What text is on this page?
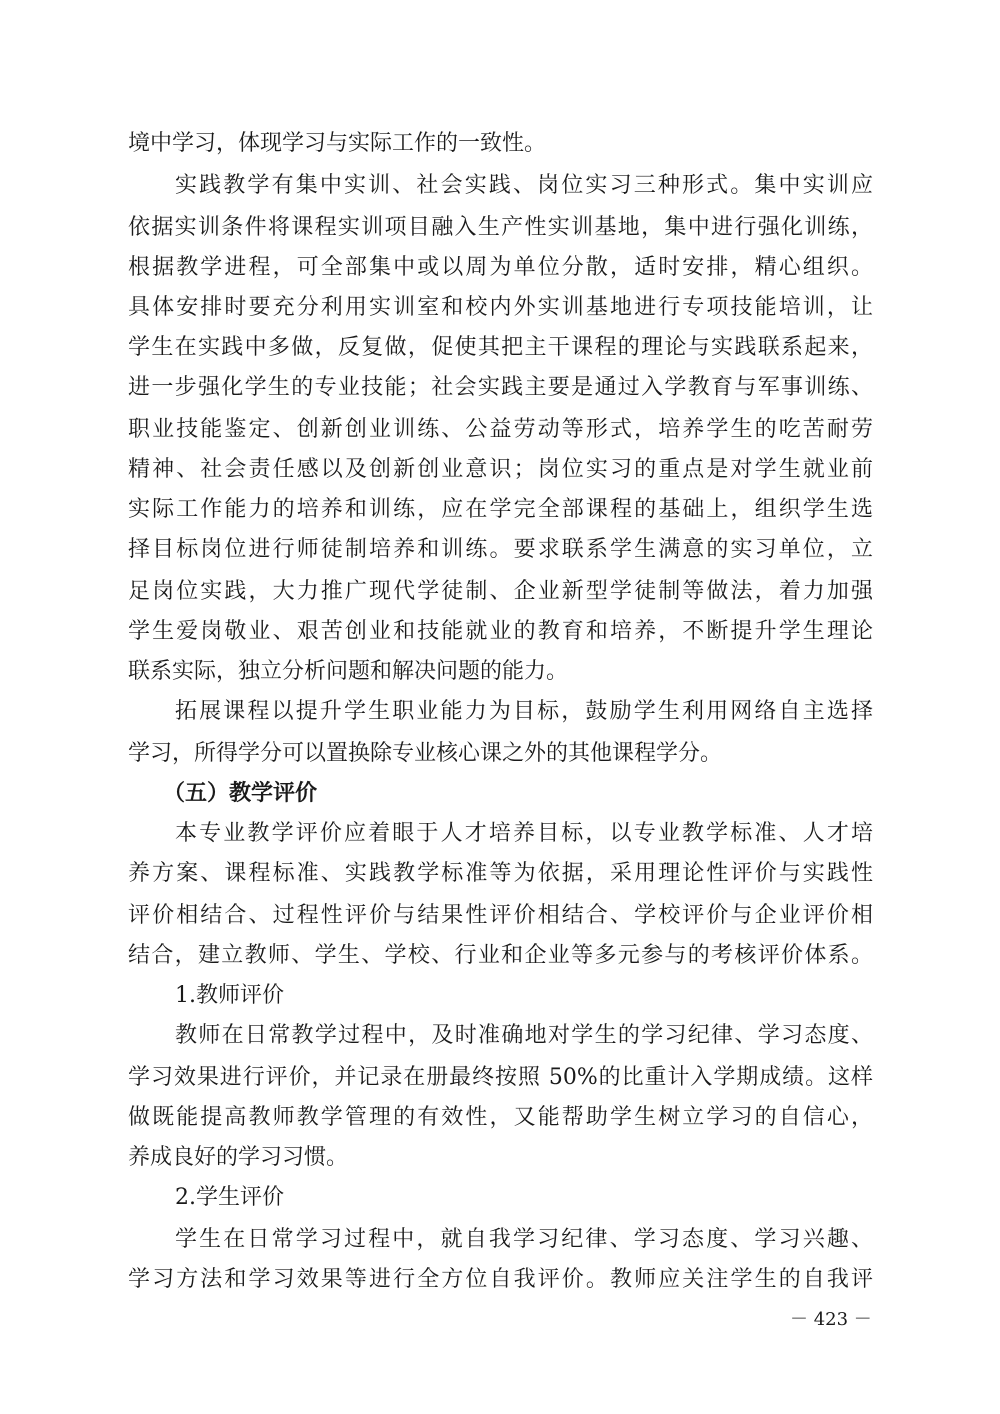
境中学习，体现学习与实际工作的一致性。
实践教学有集中实训、社会实践、岗位实习三种形式。集中实训应
依据实训条件将课程实训项目融入生产性实训基地，集中进行强化训练，
根据教学进程，可全部集中或以周为单位分散，适时安排，精心组织。
具体安排时要充分利用实训室和校内外实训基地进行专项技能培训，让
学生在实践中多做，反复做，促使其把主干课程的理论与实践联系起来，
进一步强化学生的专业技能；社会实践主要是通过入学教育与军事训练、
职业技能鉴定、创新创业训练、公益劳动等形式，培养学生的吃苦耐劳
精神、社会责任感以及创新创业意识；岗位实习的重点是对学生就业前
实际工作能力的培养和训练，应在学完全部课程的基础上，组织学生选
择目标岗位进行师徒制培养和训练。要求联系学生满意的实习单位，立
足岗位实践，大力推广现代学徒制、企业新型学徒制等做法，着力加强
学生爱岗敬业、艰苦创业和技能就业的教育和培养，不断提升学生理论
联系实际，独立分析问题和解决问题的能力。
拓展课程以提升学生职业能力为目标，鼓励学生利用网络自主选择
学习，所得学分可以置换除专业核心课之外的其他课程学分。
（五）教学评价
本专业教学评价应着眼于人才培养目标，以专业教学标准、人才培
养方案、课程标准、实践教学标准等为依据，采用理论性评价与实践性
评价相结合、过程性评价与结果性评价相结合、学校评价与企业评价相
结合，建立教师、学生、学校、行业和企业等多元参与的考核评价体系。
1.教师评价
教师在日常教学过程中，及时准确地对学生的学习纪律、学习态度、
学习效果进行评价，并记录在册最终按照 50%的比重计入学期成绩。这样
做既能提高教师教学管理的有效性，又能帮助学生树立学习的自信心，
养成良好的学习习惯。
2.学生评价
学生在日常学习过程中，就自我学习纪律、学习态度、学习兴趣、
学习方法和学习效果等进行全方位自我评价。教师应关注学生的自我评
－ 423 －
